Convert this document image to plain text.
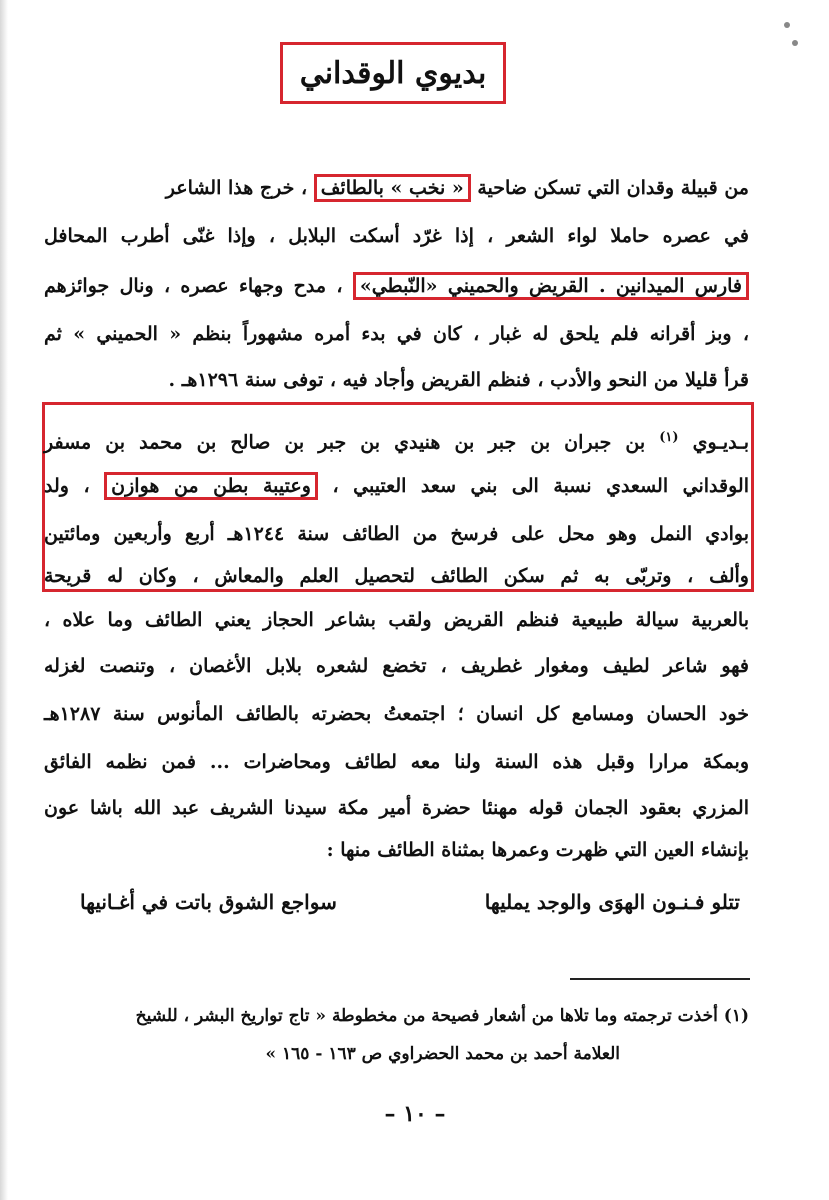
بديوي الوقداني
من قبيلة وقدان التي تسكن ضاحية « نخب » بالطائف ، خرج هذا الشاعر
في عصره حاملا لواء الشعر ، إذا غرّد أسكت البلابل ، وإذا غنّى أطرب المحافل
فارس الميدانين . القريض والحميني «النّبطي» ، مدح وجهاء عصره ، ونال جوائزهم
، وبز أقرانه فلم يلحق له غبار ، كان في بدء أمره مشهوراً بنظم « الحميني » ثم
قرأ قليلا من النحو والأدب ، فنظم القريض وأجاد فيه ، توفى سنة ١٢٩٦هـ .
بـديـوي $^{(١)}$ بن جبران بن جبر بن هنيدي بن جبر بن صالح بن محمد بن مسفر
الوقداني السعدي نسبة الى بني سعد العتيبي ، وعتيبة بطن من هوازن ، ولد
بوادي النمل وهو محل على فرسخ من الطائف سنة ١٢٤٤هـ أربع وأربعين ومائتين
وألف ، وتربّى به ثم سكن الطائف لتحصيل العلم والمعاش ، وكان له قريحة
بالعربية سيالة طبيعية فنظم القريض ولقب بشاعر الحجاز يعني الطائف وما علاه ،
فهو شاعر لطيف ومغوار غطريف ، تخضع لشعره بلابل الأغصان ، وتنصت لغزله
خود الحسان ومسامع كل انسان ؛ اجتمعتُ بحضرته بالطائف المأنوس سنة ١٢٨٧هـ
وبمكة مرارا وقبل هذه السنة ولنا معه لطائف ومحاضرات ... فمن نظمه الفائق
المزري بعقود الجمان قوله مهنئا حضرة أمير مكة سيدنا الشريف عبد الله باشا عون
بإنشاء العين التي ظهرت وعمرها بمثناة الطائف منها :
تتلو فـنـون الهوَى والوجد يمليها
سواجع الشوق باتت في أغـانيها
(١) أخذت ترجمته وما تلاها من أشعار فصيحة من مخطوطة « تاج تواريخ البشر ، للشيخ
العلامة أحمد بن محمد الحضراوي ص ١٦٣ - ١٦٥ »
– ١٠ –
